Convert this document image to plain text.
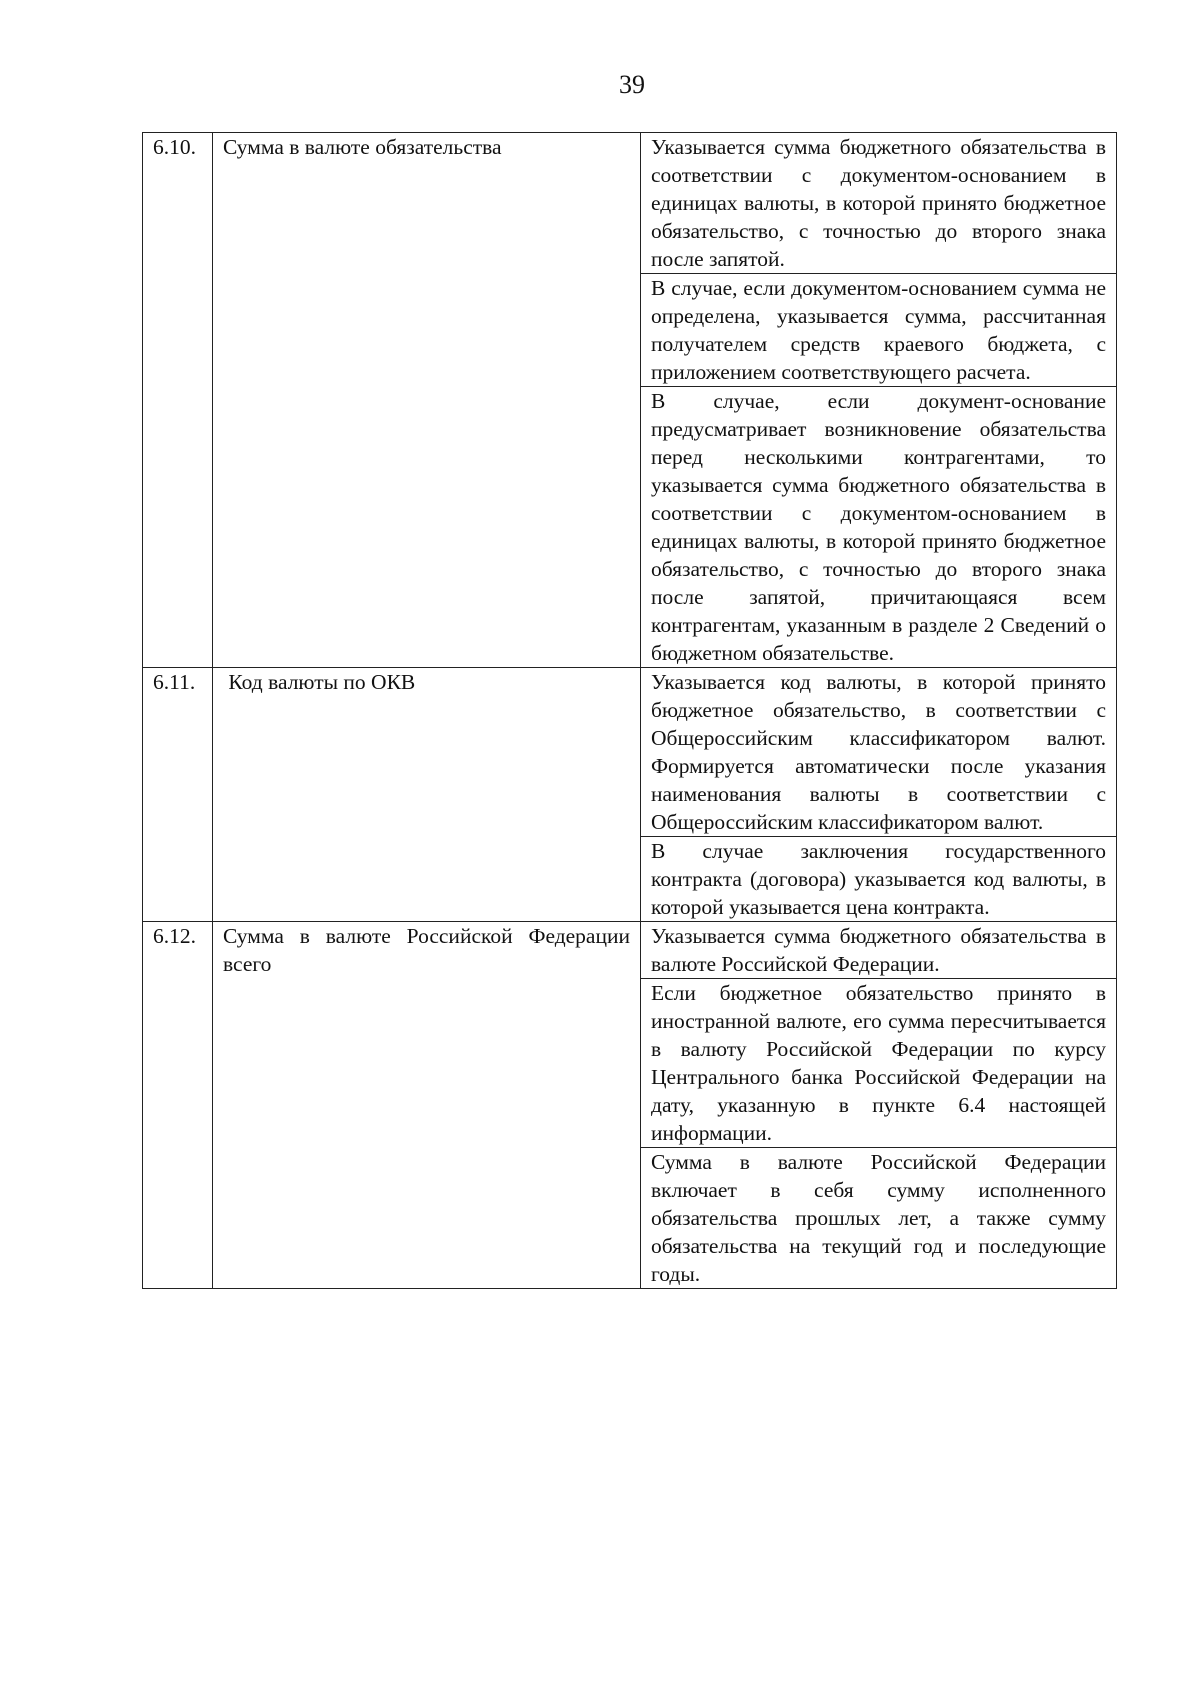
39
6.10.	Сумма в валюте обязательства	Указывается сумма бюджетного обязательства в соответствии с документом-основанием в единицах валюты, в которой принято бюджетное обязательство, с точностью до второго знака после запятой.
		В случае, если документом-основанием сумма не определена, указывается сумма, рассчитанная получателем средств краевого бюджета, с приложением соответствующего расчета.
		В случае, если документ-основание предусматривает возникновение обязательства перед несколькими контрагентами, то указывается сумма бюджетного обязательства в соответствии с документом-основанием в единицах валюты, в которой принято бюджетное обязательство, с точностью до второго знака после запятой, причитающаяся всем контрагентам, указанным в разделе 2 Сведений о бюджетном обязательстве.
6.11.	Код валюты по ОКВ	Указывается код валюты, в которой принято бюджетное обязательство, в соответствии с Общероссийским классификатором валют. Формируется автоматически после указания наименования валюты в соответствии с Общероссийским классификатором валют.
		В случае заключения государственного контракта (договора) указывается код валюты, в которой указывается цена контракта.
6.12.	Сумма в валюте Российской Федерации всего	Указывается сумма бюджетного обязательства в валюте Российской Федерации.
		Если бюджетное обязательство принято в иностранной валюте, его сумма пересчитывается в валюту Российской Федерации по курсу Центрального банка Российской Федерации на дату, указанную в пункте 6.4 настоящей информации.
		Сумма в валюте Российской Федерации включает в себя сумму исполненного обязательства прошлых лет, а также сумму обязательства на текущий год и последующие годы.
